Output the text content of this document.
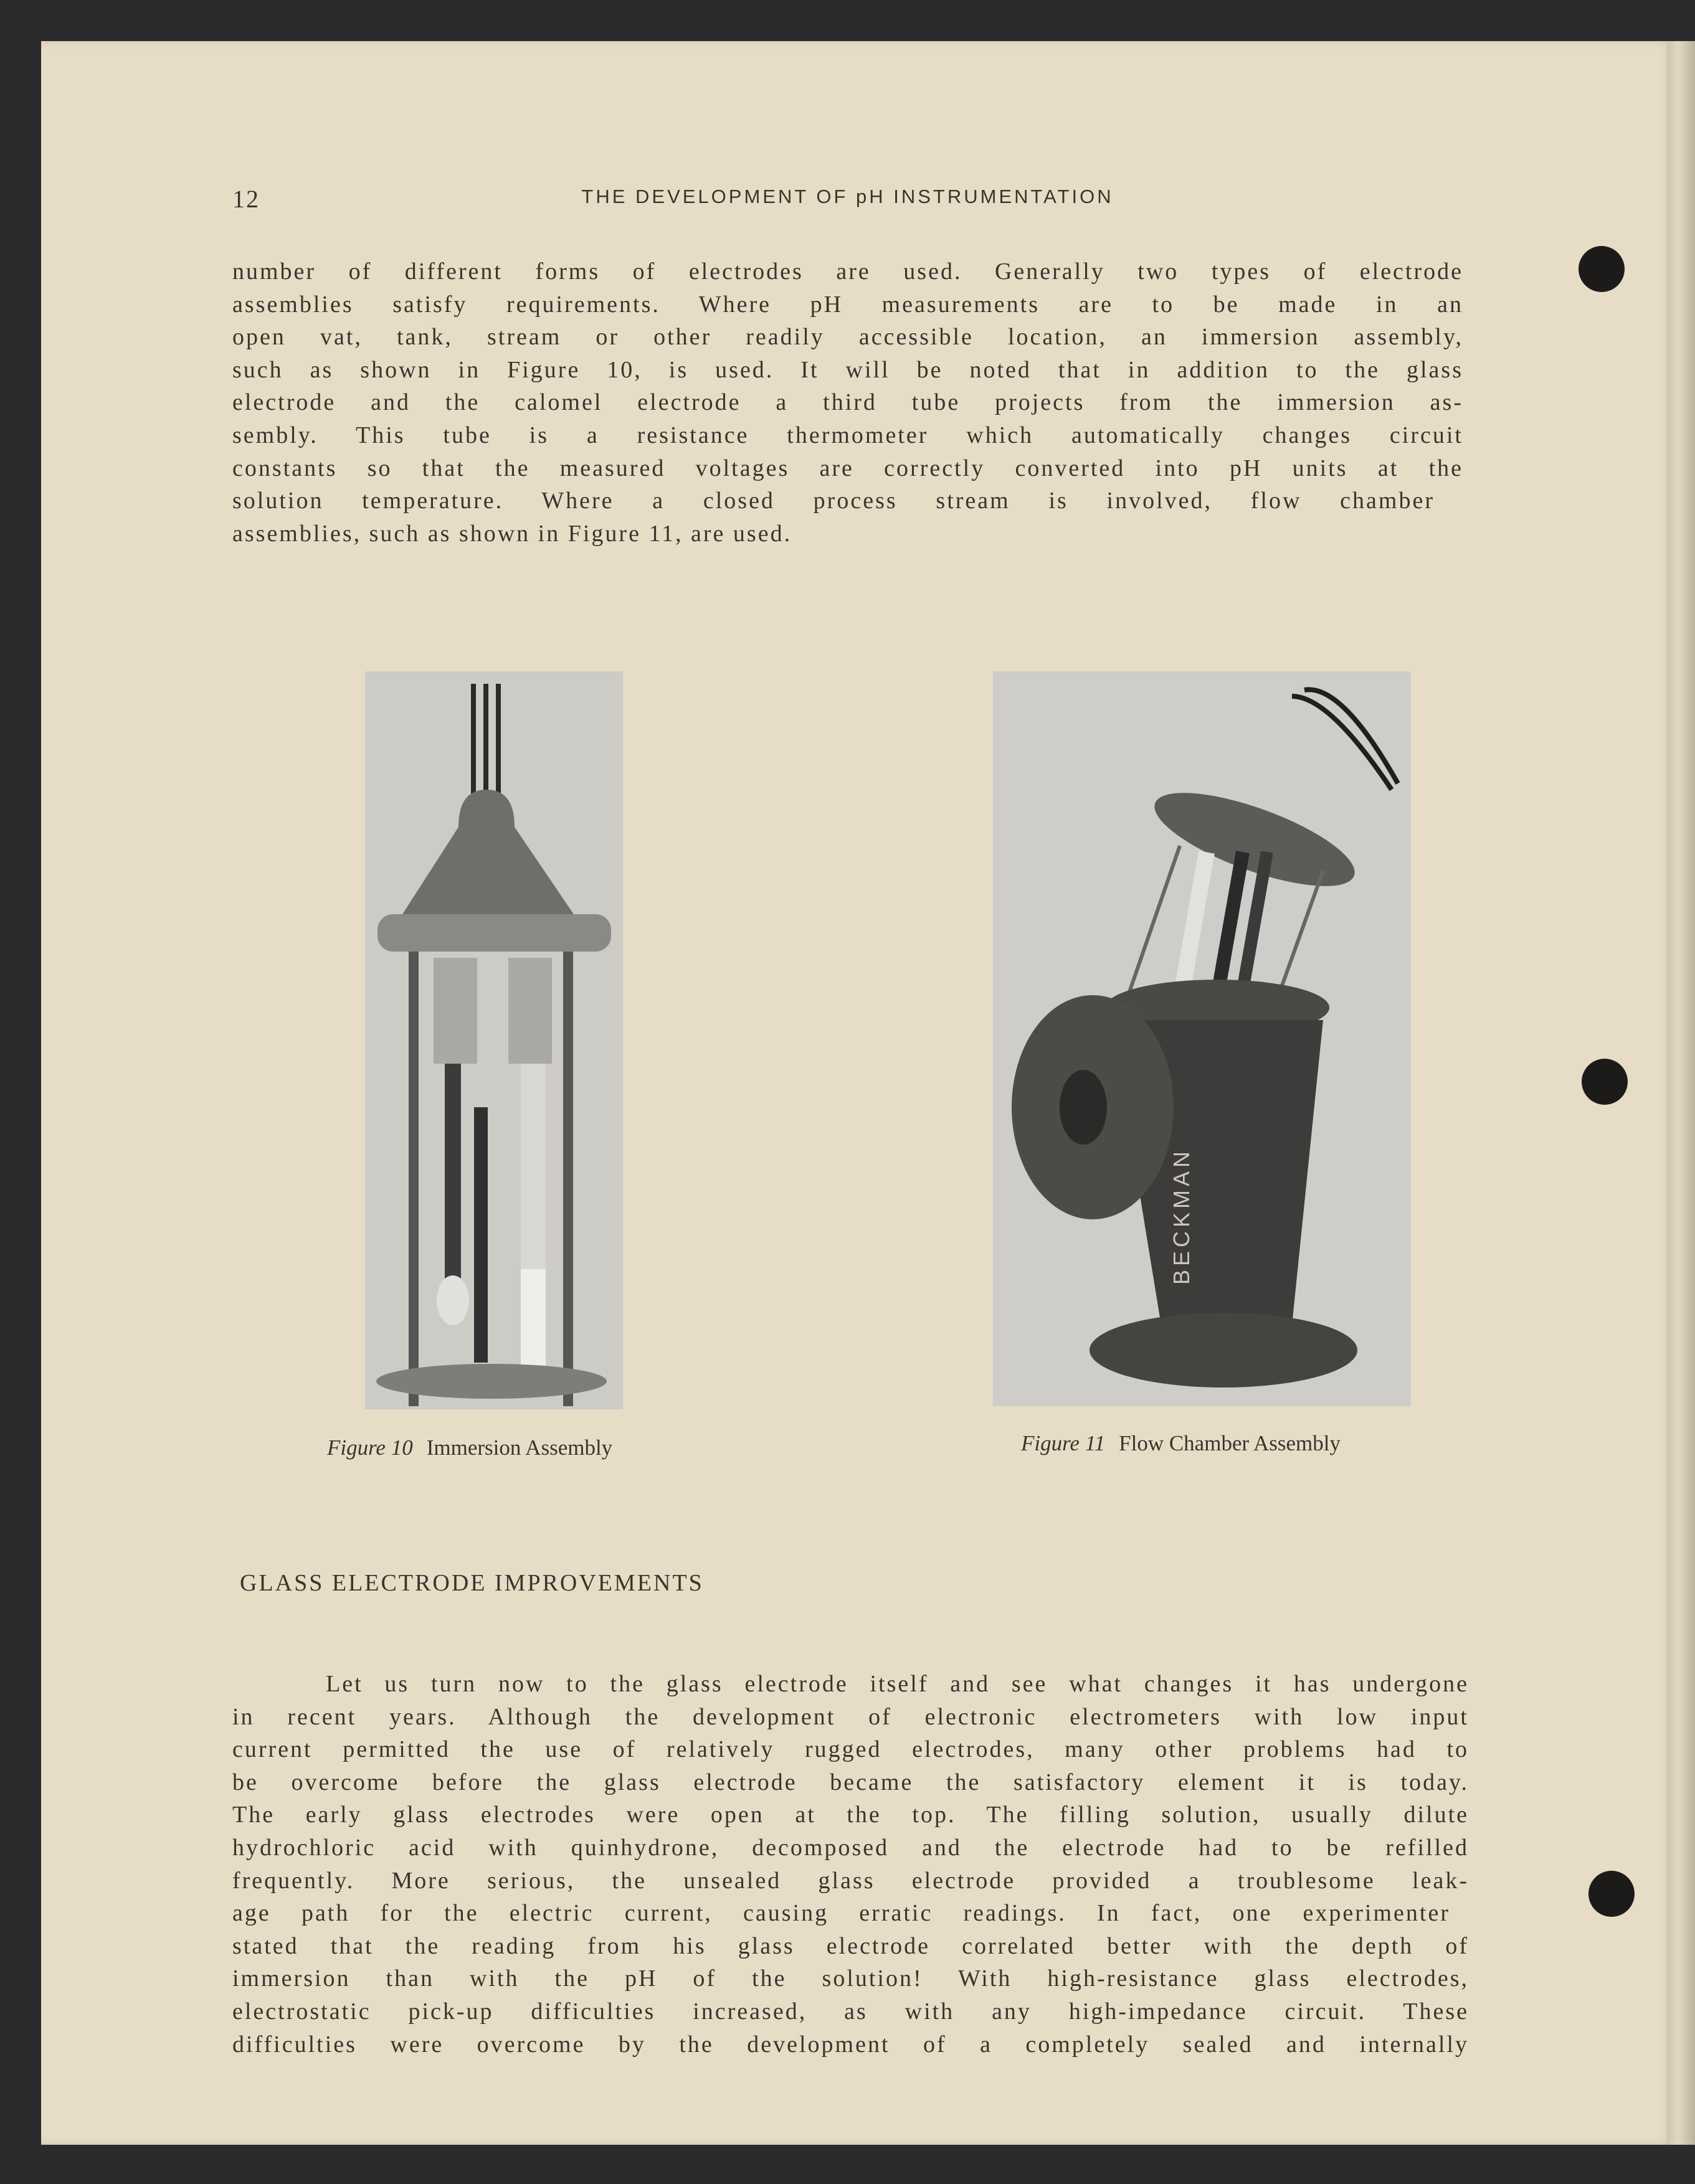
12	THE DEVELOPMENT OF pH INSTRUMENTATION
number of different forms of electrodes are used. Generally two types of electrode
assemblies satisfy requirements. Where pH measurements are to be made in an
open vat, tank, stream or other readily accessible location, an immersion assembly,
such as shown in Figure 10, is used. It will be noted that in addition to the glass
electrode and the calomel electrode a third tube projects from the immersion as-
sembly. This tube is a resistance thermometer which automatically changes circuit
constants so that the measured voltages are correctly converted into pH units at the
solution temperature. Where a closed process stream is involved, flow chamber
assemblies, such as shown in Figure 11, are used.
Figure 10 Immersion Assembly
BECKMAN
Figure 11 Flow Chamber Assembly
GLASS ELECTRODE IMPROVEMENTS
Let us turn now to the glass electrode itself and see what changes it has undergone
in recent years. Although the development of electronic electrometers with low input
current permitted the use of relatively rugged electrodes, many other problems had to
be overcome before the glass electrode became the satisfactory element it is today.
The early glass electrodes were open at the top. The filling solution, usually dilute
hydrochloric acid with quinhydrone, decomposed and the electrode had to be refilled
frequently. More serious, the unsealed glass electrode provided a troublesome leak-
age path for the electric current, causing erratic readings. In fact, one experimenter
stated that the reading from his glass electrode correlated better with the depth of
immersion than with the pH of the solution! With high-resistance glass electrodes,
electrostatic pick-up difficulties increased, as with any high-impedance circuit. These
difficulties were overcome by the development of a completely sealed and internally
